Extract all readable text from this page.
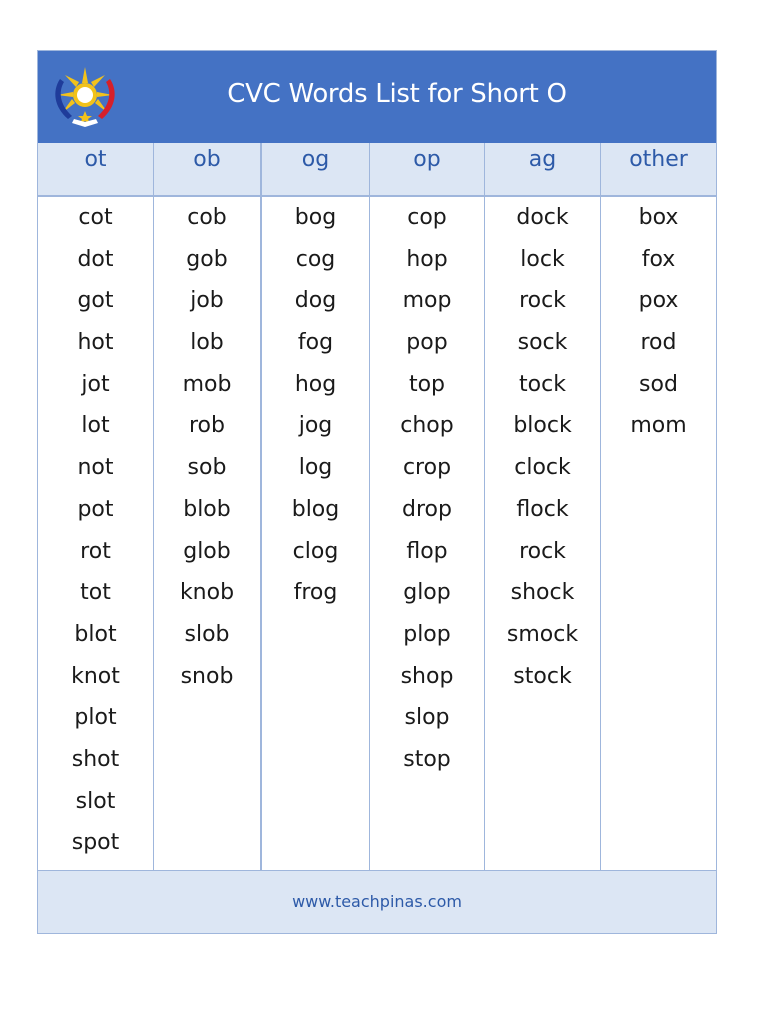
CVC Words List for Short O
ot
cot
dot
got
hot
jot
lot
not
pot
rot
tot
blot
knot
plot
shot
slot
spot
ob
cob
gob
job
lob
mob
rob
sob
blob
glob
knob
slob
snob
og
bog
cog
dog
fog
hog
jog
log
blog
clog
frog
op
cop
hop
mop
pop
top
chop
crop
drop
flop
glop
plop
shop
slop
stop
ag
dock
lock
rock
sock
tock
block
clock
flock
rock
shock
smock
stock
other
box
fox
pox
rod
sod
mom
www.teachpinas.com
